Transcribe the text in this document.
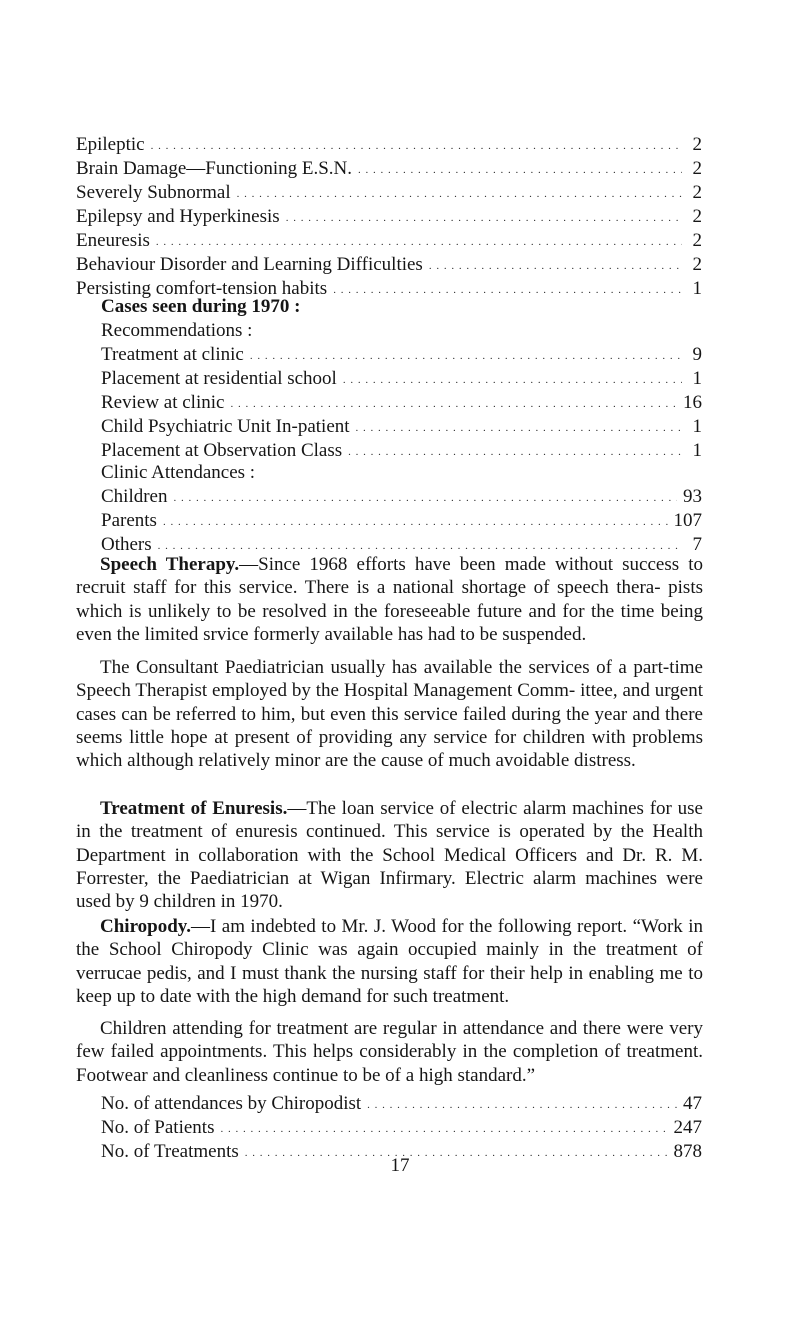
Epileptic . . .	2
Brain Damage—Functioning E.S.N. . . .	2
Severely Subnormal . . .	2
Epilepsy and Hyperkinesis . . .	2
Eneuresis . . .	2
Behaviour Disorder and Learning Difficulties . . .	2
Persisting comfort-tension habits . . .	1
Cases seen during 1970 :
Recommendations :
Treatment at clinic . . .	9
Placement at residential school . . .	1
Review at clinic . . .	16
Child Psychiatric Unit In-patient . . .	1
Placement at Observation Class . . .	1
Clinic Attendances :
Children . . .	93
Parents . . .	107
Others . . .	7

Speech Therapy.—Since 1968 efforts have been made without success to recruit staff for this service. There is a national shortage of speech thera- pists which is unlikely to be resolved in the foreseeable future and for the time being even the limited srvice formerly available has had to be suspended.

The Consultant Paediatrician usually has available the services of a part-time Speech Therapist employed by the Hospital Management Comm- ittee, and urgent cases can be referred to him, but even this service failed during the year and there seems little hope at present of providing any service for children with problems which although relatively minor are the cause of much avoidable distress.

Treatment of Enuresis.—The loan service of electric alarm machines for use in the treatment of enuresis continued. This service is operated by the Health Department in collaboration with the School Medical Officers and Dr. R. M. Forrester, the Paediatrician at Wigan Infirmary. Electric alarm machines were used by 9 children in 1970.

Chiropody.—I am indebted to Mr. J. Wood for the following report. “Work in the School Chiropody Clinic was again occupied mainly in the treatment of verrucae pedis, and I must thank the nursing staff for their help in enabling me to keep up to date with the high demand for such treatment.

Children attending for treatment are regular in attendance and there were very few failed appointments. This helps considerably in the completion of treatment. Footwear and cleanliness continue to be of a high standard.”

No. of attendances by Chiropodist . . .	47
No. of Patients . . .	247
No. of Treatments . . .	878
17
